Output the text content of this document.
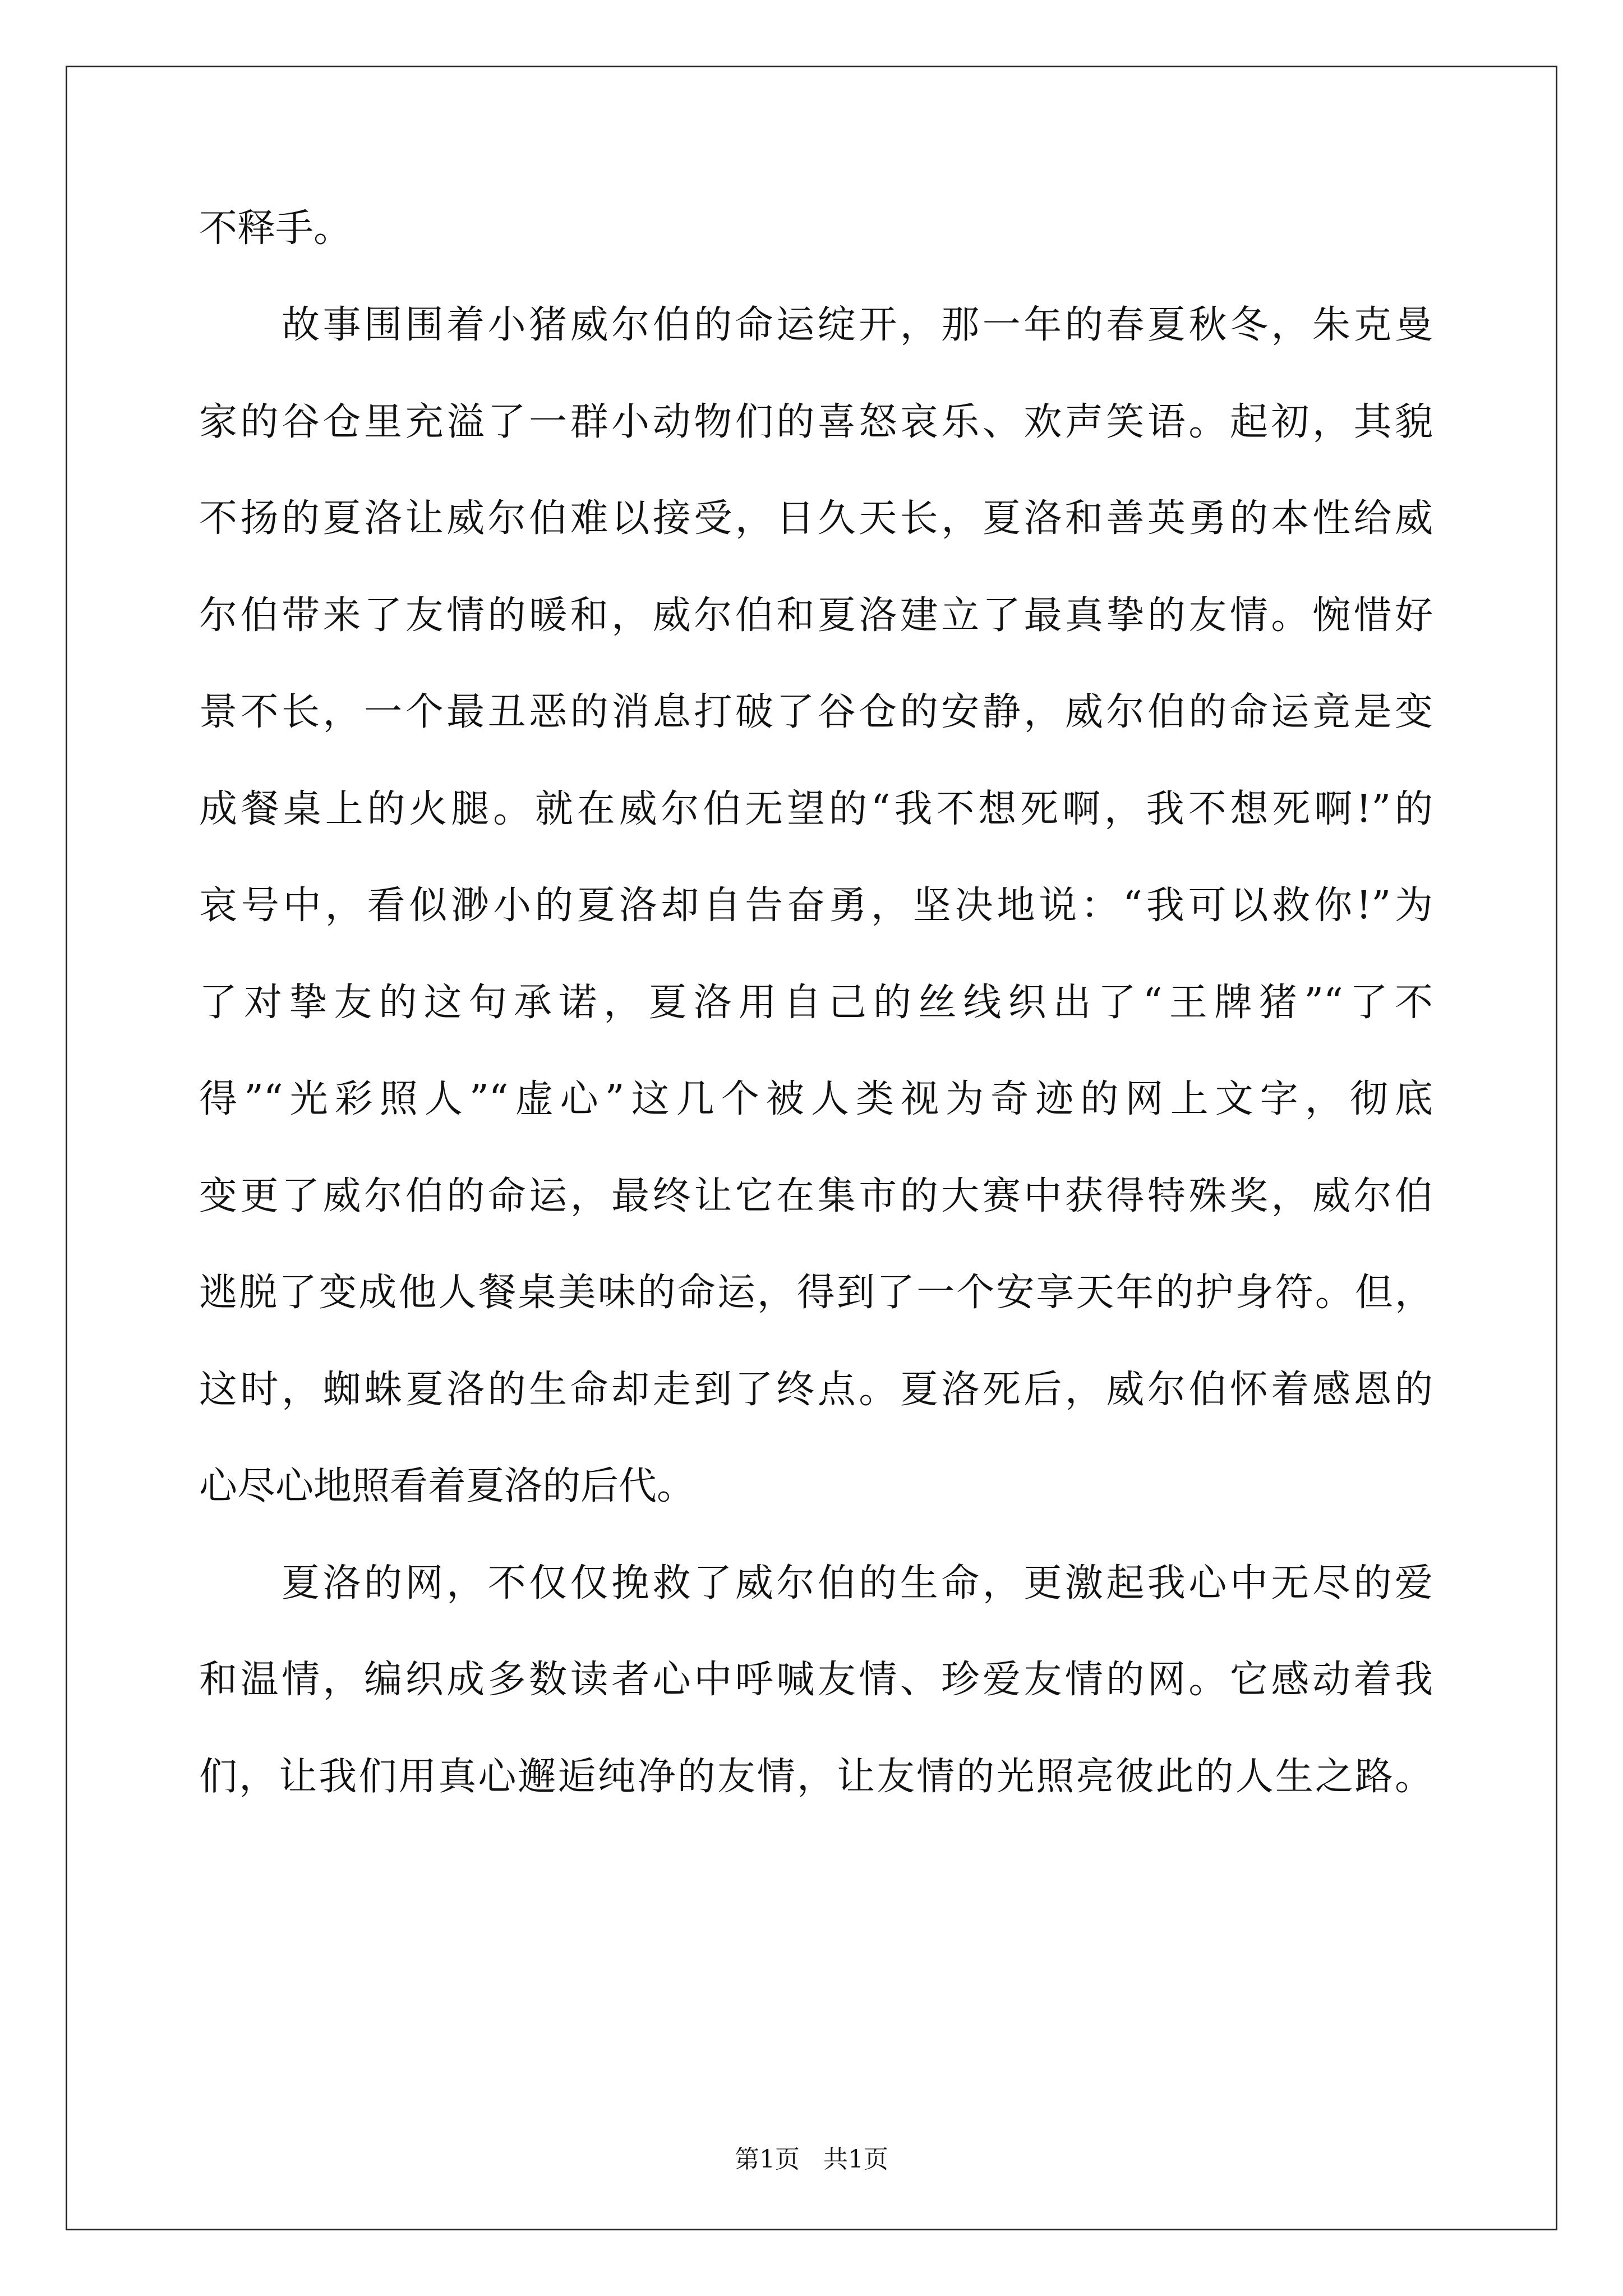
不释手。
故事围围着小猪威尔伯的命运绽开，那一年的春夏秋冬，朱克曼
家的谷仓里充溢了一群小动物们的喜怒哀乐、欢声笑语。起初，其貌
不扬的夏洛让威尔伯难以接受，日久天长，夏洛和善英勇的本性给威
尔伯带来了友情的暖和，威尔伯和夏洛建立了最真挚的友情。惋惜好
景不长，一个最丑恶的消息打破了谷仓的安静，威尔伯的命运竟是变
成餐桌上的火腿。就在威尔伯无望的“我不想死啊，我不想死啊!”的
哀号中，看似渺小的夏洛却自告奋勇，坚决地说：“我可以救你!”为
了对挚友的这句承诺，夏洛用自己的丝线织出了“王牌猪”“了不
得”“光彩照人”“虚心”这几个被人类视为奇迹的网上文字，彻底
变更了威尔伯的命运，最终让它在集市的大赛中获得特殊奖，威尔伯
逃脱了变成他人餐桌美味的命运，得到了一个安享天年的护身符。但，
这时，蜘蛛夏洛的生命却走到了终点。夏洛死后，威尔伯怀着感恩的
心尽心地照看着夏洛的后代。
夏洛的网，不仅仅挽救了威尔伯的生命，更激起我心中无尽的爱
和温情，编织成多数读者心中呼喊友情、珍爱友情的网。它感动着我
们，让我们用真心邂逅纯净的友情，让友情的光照亮彼此的人生之路。
第1页   共1页
